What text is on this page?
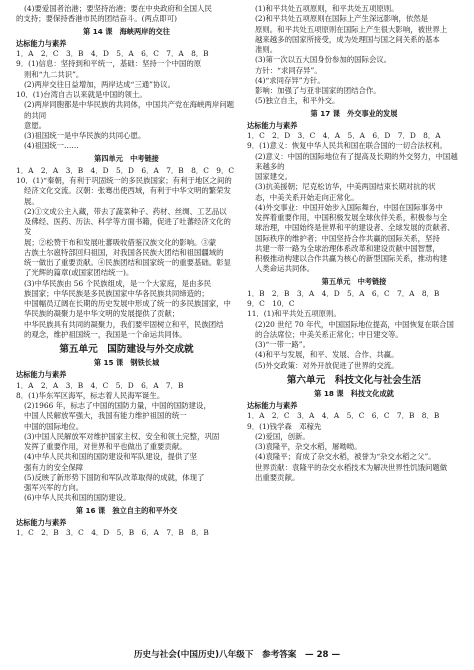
(4)要爱国者治港；要坚持治港；要在中央政府和全国人民

的支持；要保持香港市民的团结奋斗。(两点即可)

第 14 课　海峡两岸的交往
达标能力与素养

1．A　2．C　3．B　4．D　5．A　6．C　7．A　8．B

9．(1)信息：坚持到和平统一，基础：坚持一个中国的原

则和“九二共识”。

(2)两岸交往日益增加，两岸达成“三通”协议。

10．(1)台湾自古以来就是中国的领土。

(2)两岸同胞都是中华民族的共同体，中国共产党在海峡两岸问题的共同

意愿。

(3)祖国统一是中华民族的共同心愿。

(4)祖国统一……

第四单元　中考链接

1．A　2．A　3．B　4．D　5．D　6．A　7．B　8．C　9．C

10．(1)“秦朝，有利于巩固统一的多民族国家；有利于地区之间的

经济文化交流。汉朝：张骞出使西域，有利于中华文明的繁荣发展。

(2)①文成公主入藏，带去了蔬菜种子、药材、丝绸、工艺品以

及佛经、医药、历法、科学等方面书籍，促进了吐蕃经济文化的发

展；②松赞干布和发展吐蕃吸收借鉴汉族文化的影响。③蒙

古族土尔扈特部回归祖国，对我国各民族大团结和祖国疆域的

统一做出了重要贡献。④民族团结和国家统一的重要基础。彰显

了光辉的篇章(或国家团结统一)。

(3)中华民族由 56 个民族组成，是一个大家庭，是由多民

族国家；中华民族是多民族国家中华各民族共同缔造的；

中国幅员辽阔在长期的历史发展中形成了统一的多民族国家，中

华民族的凝聚力是中华文明的发展提供了贡献；

中华民族具有共同的凝聚力，我们要牢固树立和平，民族团结

的观念，维护祖国统一，我国是一个命运共同体。

第五单元　国防建设与外交成就
第 15 课　钢铁长城
达标能力与素养

1．A　2．A　3．B　4．C　5．D　6．A　7．B

8．(1)华东军区海军，标志着人民海军诞生。

(2)1966 年，标志了中国的国防力量，中国的国防建设，

中国人民解放军强大，我国有能力维护祖国的统一

中国的国际地位。

(3)中国人民解放军对维护国家主权、安全和领土完整，巩固

发挥了重要作用，对世界和平也做出了重要贡献。

(4)中华人民共和国的国防建设和军队建设，提供了坚

强有力的安全保障

(5)反映了新形势下国防和军队改革取得的成就，体现了

强军兴军的方向。

(6)中华人民共和国的国防建设。

第 16 课　独立自主的和平外交
达标能力与素养

1．C　2．B　3．C　4．D　5．B　6．A　7．B　8．B

(1)和平共处五项原则，和平共处五项原则。

(2)和平共处五项原则在国际上产生深远影响，依然是

原则。和平共处五项原则在国际上产生很大影响，被世界上

越来越多的国家所接受，成为处理国与国之间关系的基本

准则。

(3)第一次以五大国身份参加的国际会议。

方针：“求同存异”。

(4)“求同存异”方针。

影响：加强了与亚非国家的团结合作。

(5)独立自主，和平外交。

第 17 课　外交事业的发展
达标能力与素养

1．C　2．D　3．C　4．A　5．A　6．D　7．D　8．A

9．(1)意义：恢复中华人民共和国在联合国的一切合法权利。

(2)意义：中国的国际地位有了提高及长期的外交努力，中国越来越多的

国家建交。

(3)抗美援朝；尼克松访华，中美两国结束长期对抗的状

态，中美关系开始走向正常化。

(4)外交事业：中国开始步入国际舞台，中国在国际事务中

发挥着重要作用，中国积极发展全球伙伴关系，积极参与全

球治理，中国始终是世界和平的建设者、全球发展的贡献者、

国际秩序的维护者；中国坚持合作共赢的国际关系，坚持

共建一带一路为全球治理体系改革和建设贡献中国智慧，

积极推动构建以合作共赢为核心的新型国际关系，推动构建

人类命运共同体。

第五单元　中考链接

1．B　2．B　3．A　4．D　5．A　6．C　7．A　8．B

9．C　10．C

11．(1)和平共处五项原则。

(2)20 世纪 70 年代，中国国际地位提高，中国恢复在联合国

的合法席位；中美关系正常化；中日建交等。

(3)“一带一路”。

(4)和平与发展，和平、发展、合作、共赢。

(5)外交政策：对外开放促进了世界的交流。

第六单元　科技文化与社会生活
第 18 课　科技文化成就
达标能力与素养

1．A　2．C　3．A　4．A　5．C　6．C　7．B　8．B

9．(1)钱学森　邓稼先

(2)爱国，创新。

(3)袁隆平，杂交水稻，屠呦呦。

(4)袁隆平；育成了杂交水稻，被誉为“杂交水稻之父”。

世界贡献：袁隆平的杂交水稻技术为解决世界性饥饿问题做

出重要贡献。

历史与社会(中国历史)八年级下　参考答案　— 28 —
